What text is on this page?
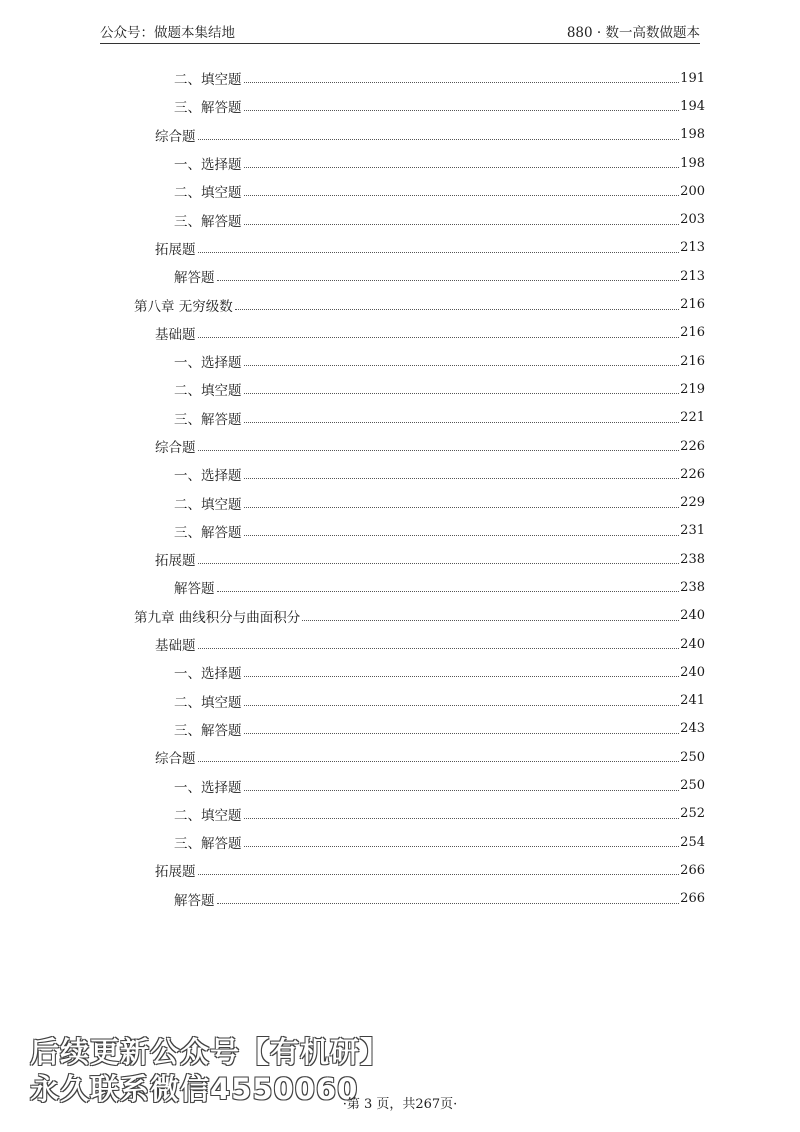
公众号：做题本集结地	880 · 数一高数做题本
二、填空题	191
三、解答题	194
综合题	198
一、选择题	198
二、填空题	200
三、解答题	203
拓展题	213
解答题	213
第八章 无穷级数	216
基础题	216
一、选择题	216
二、填空题	219
三、解答题	221
综合题	226
一、选择题	226
二、填空题	229
三、解答题	231
拓展题	238
解答题	238
第九章 曲线积分与曲面积分	240
基础题	240
一、选择题	240
二、填空题	241
三、解答题	243
综合题	250
一、选择题	250
二、填空题	252
三、解答题	254
拓展题	266
解答题	266
后续更新公众号【有机研】
永久联系微信4550060
·第 3 页，共267页·
